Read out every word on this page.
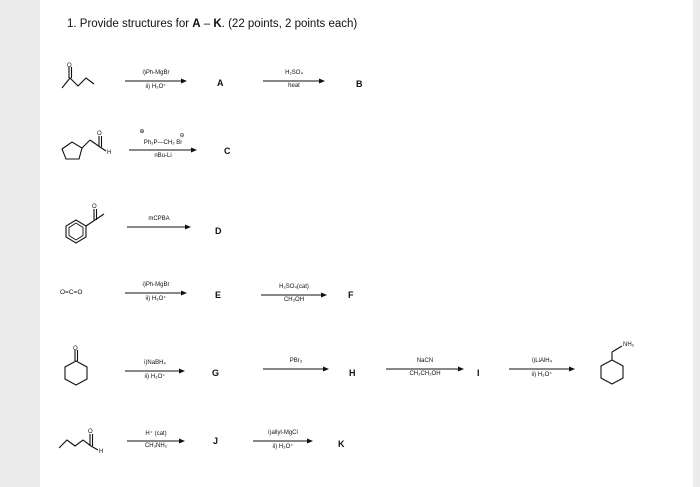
1. Provide structures for A – K. (22 points, 2 points each)
O
i)Ph-MgBr
ii) H₃O⁺	A
H₂SO₄
heat	B
O
H
⊕
⊖
Ph₃P—CH₃ Br
nBu-Li	C
O
mCPBA
D
O=C=O
i)Ph-MgBr
ii) H₃O⁺	E
H₂SO₄(cat)
CH₃OH	F
O
i)NaBH₄
ii) H₃O⁺	G
PBr₃
H
NaCN
CH₃CH₂OH	I
i)LiAlH₄
ii) H₃O⁺
NH₂
O
H
H⁺ (cat)
CH₃NH₂	J
i)allyl-MgCl
ii) H₃O⁺	K
